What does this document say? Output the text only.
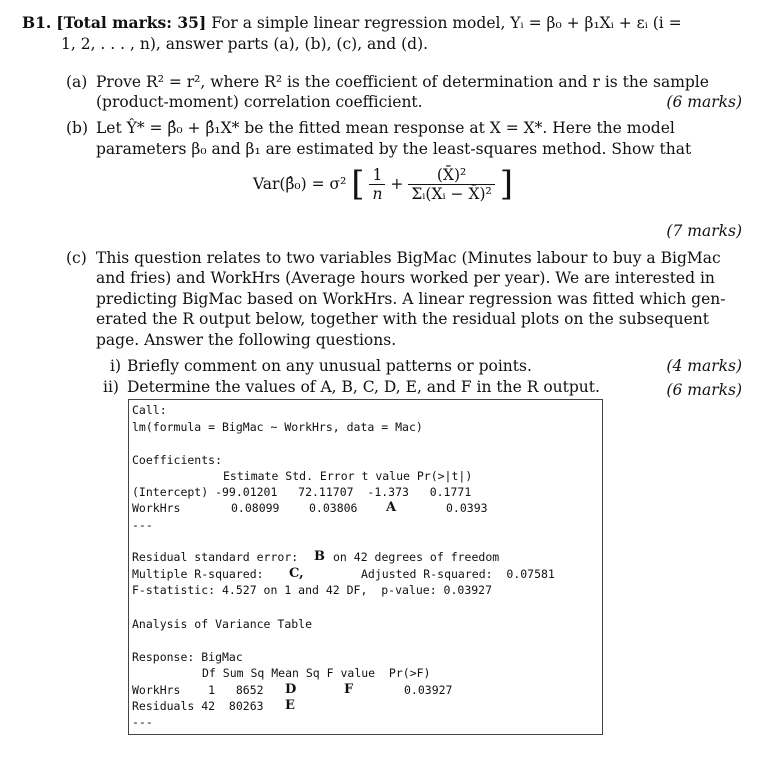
B1. [Total marks: 35] For a simple linear regression model, Yᵢ = β₀ + β₁Xᵢ + εᵢ (i =
1, 2, . . . , n), answer parts (a), (b), (c), and (d).
(a) Prove R² = r², where R² is the coefficient of determination and r is the sample
(product-moment) correlation coefficient.	(6 marks)
(b) Let Ŷ* = β̂₀ + β̂₁X* be the fitted mean response at X = X*. Here the model
parameters β₀ and β₁ are estimated by the least-squares method. Show that
Var(β̂₀) = σ² [ $\frac{1}{n} + \frac{\text{(X̄)²}}{\text{Σᵢ(Xᵢ − X̄)²}}$ ]
(7 marks)
(c) This question relates to two variables BigMac (Minutes labour to buy a BigMac
and fries) and WorkHrs (Average hours worked per year). We are interested in
predicting BigMac based on WorkHrs. A linear regression was fitted which gen-
erated the R output below, together with the residual plots on the subsequent
page. Answer the following questions.
i) Briefly comment on any unusual patterns or points.	(4 marks)
ii) Determine the values of A, B, C, D, E, and F in the R output.	(6 marks)
Call:
lm(formula = BigMac ~ WorkHrs, data = Mac)
Coefficients:
Estimate Std. Error t value Pr(>|t|)
(Intercept) -99.01201   72.11707  -1.373   0.1771
WorkHrs	0.08099	0.03806 A	0.0393
---
Residual standard error: B on 42 degrees of freedom
Multiple R-squared: C,	Adjusted R-squared:  0.07581
F-statistic: 4.527 on 1 and 42 DF,  p-value: 0.03927
Analysis of Variance Table
Response: BigMac
Df Sum Sq Mean Sq F value  Pr(>F)
WorkHrs    1   8652 D	F	0.03927
Residuals 42  80263 E
---
